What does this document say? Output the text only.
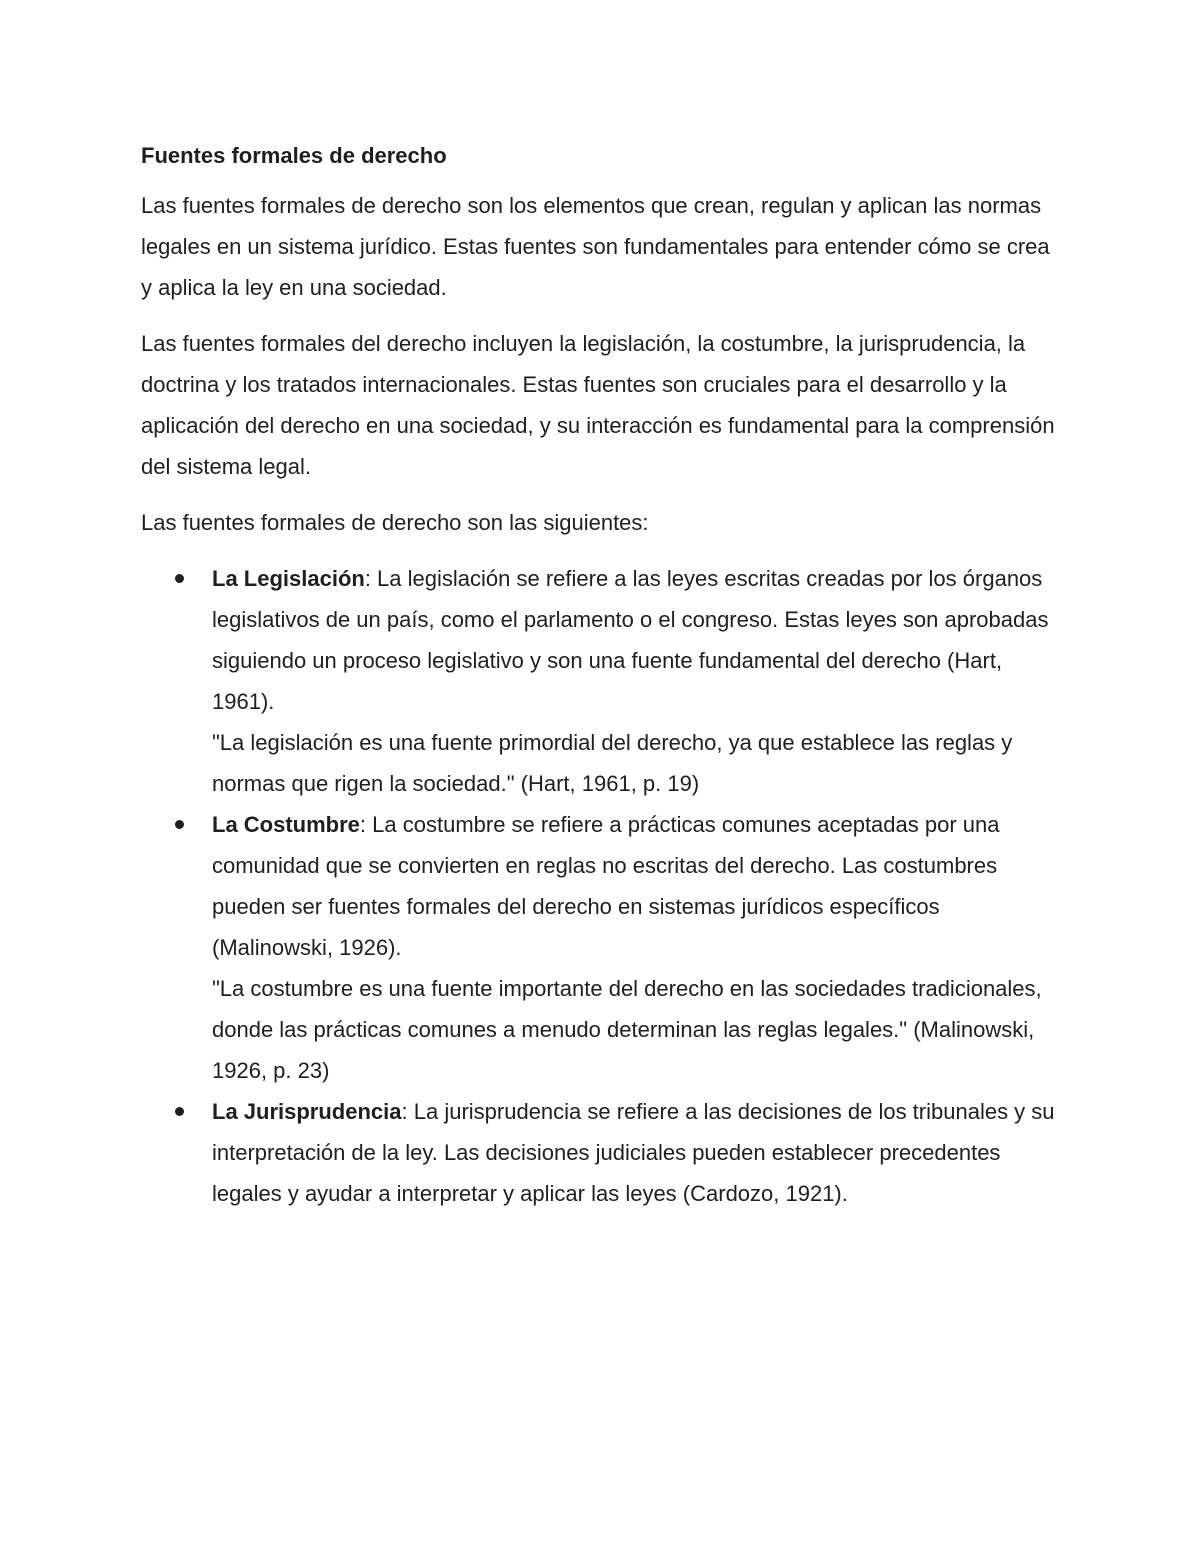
Fuentes formales de derecho

Las fuentes formales de derecho son los elementos que crean, regulan y aplican las normas legales en un sistema jurídico. Estas fuentes son fundamentales para entender cómo se crea y aplica la ley en una sociedad.

Las fuentes formales del derecho incluyen la legislación, la costumbre, la jurisprudencia, la doctrina y los tratados internacionales. Estas fuentes son cruciales para el desarrollo y la aplicación del derecho en una sociedad, y su interacción es fundamental para la comprensión del sistema legal.

Las fuentes formales de derecho son las siguientes:

La Legislación: La legislación se refiere a las leyes escritas creadas por los órganos legislativos de un país, como el parlamento o el congreso. Estas leyes son aprobadas siguiendo un proceso legislativo y son una fuente fundamental del derecho (Hart, 1961).
"La legislación es una fuente primordial del derecho, ya que establece las reglas y normas que rigen la sociedad." (Hart, 1961, p. 19)
La Costumbre: La costumbre se refiere a prácticas comunes aceptadas por una comunidad que se convierten en reglas no escritas del derecho. Las costumbres pueden ser fuentes formales del derecho en sistemas jurídicos específicos (Malinowski, 1926).
"La costumbre es una fuente importante del derecho en las sociedades tradicionales, donde las prácticas comunes a menudo determinan las reglas legales." (Malinowski, 1926, p. 23)
La Jurisprudencia: La jurisprudencia se refiere a las decisiones de los tribunales y su interpretación de la ley. Las decisiones judiciales pueden establecer precedentes legales y ayudar a interpretar y aplicar las leyes (Cardozo, 1921).
